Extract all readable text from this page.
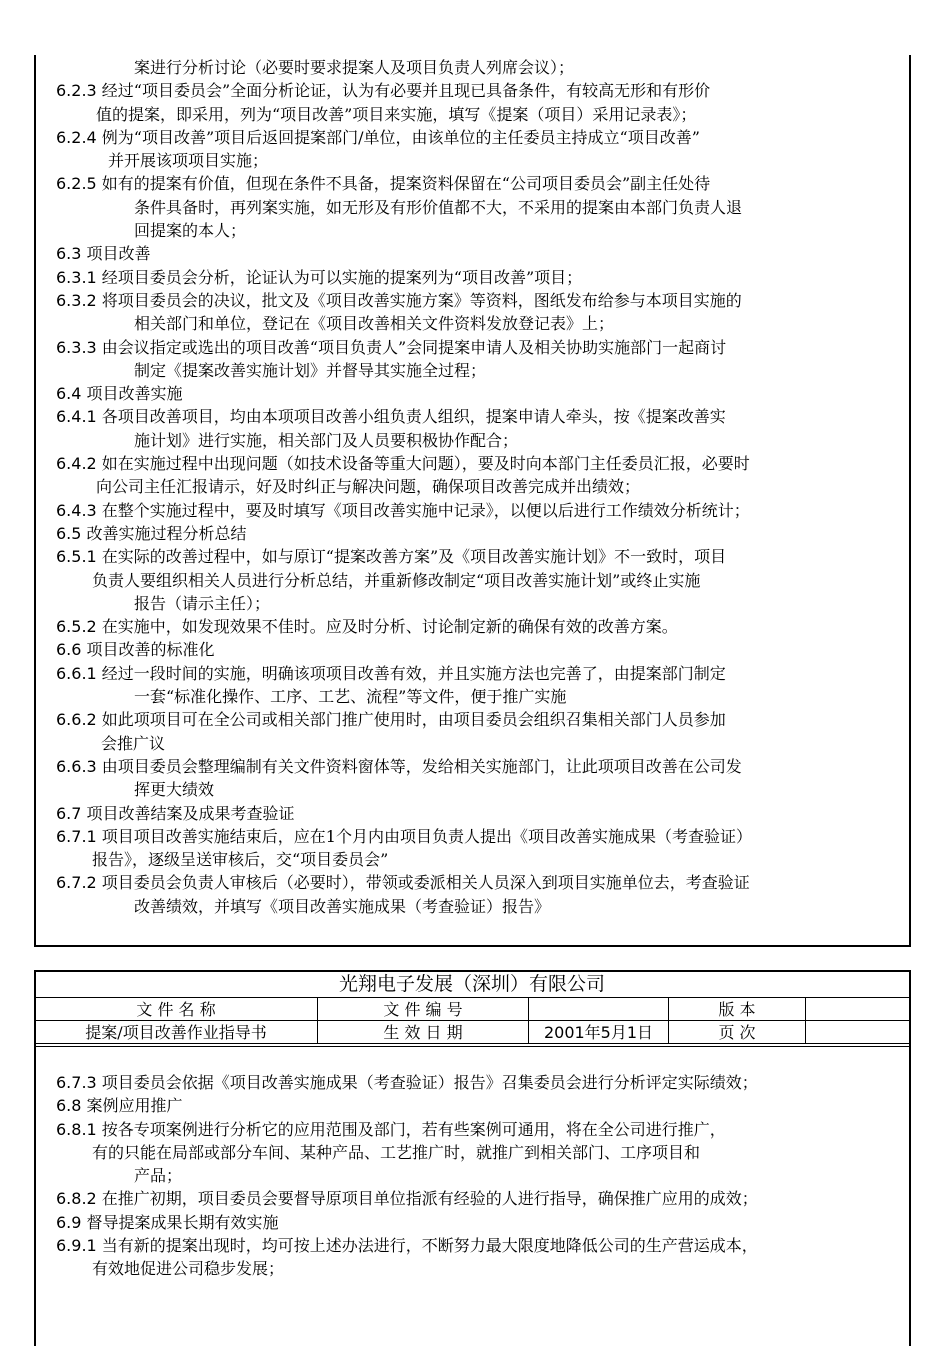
案进行分析讨论（必要时要求提案人及项目负责人列席会议）；
6.2.3 经过“项目委员会”全面分析论证，认为有必要并且现已具备条件，有较高无形和有形价
值的提案，即采用，列为“项目改善”项目来实施，填写《提案（项目）采用记录表》；
6.2.4 例为“项目改善”项目后返回提案部门/单位，由该单位的主任委员主持成立“项目改善”
并开展该项项目实施；
6.2.5 如有的提案有价值，但现在条件不具备，提案资料保留在“公司项目委员会”副主任处待
条件具备时，再列案实施，如无形及有形价值都不大，不采用的提案由本部门负责人退
回提案的本人；
6.3 项目改善
6.3.1 经项目委员会分析，论证认为可以实施的提案列为“项目改善”项目；
6.3.2 将项目委员会的决议，批文及《项目改善实施方案》等资料，图纸发布给参与本项目实施的
相关部门和单位，登记在《项目改善相关文件资料发放登记表》上；
6.3.3 由会议指定或选出的项目改善“项目负责人”会同提案申请人及相关协助实施部门一起商讨
制定《提案改善实施计划》并督导其实施全过程；
6.4 项目改善实施
6.4.1 各项目改善项目，均由本项项目改善小组负责人组织，提案申请人牵头，按《提案改善实
施计划》进行实施，相关部门及人员要积极协作配合；
6.4.2 如在实施过程中出现问题（如技术设备等重大问题），要及时向本部门主任委员汇报，必要时
向公司主任汇报请示，好及时纠正与解决问题，确保项目改善完成并出绩效；
6.4.3 在整个实施过程中，要及时填写《项目改善实施中记录》，以便以后进行工作绩效分析统计；
6.5 改善实施过程分析总结
6.5.1 在实际的改善过程中，如与原订“提案改善方案”及《项目改善实施计划》不一致时，项目
负责人要组织相关人员进行分析总结，并重新修改制定“项目改善实施计划”或终止实施
报告（请示主任）；
6.5.2 在实施中，如发现效果不佳时。应及时分析、讨论制定新的确保有效的改善方案。
6.6 项目改善的标准化
6.6.1 经过一段时间的实施，明确该项项目改善有效，并且实施方法也完善了，由提案部门制定
一套“标准化操作、工序、工艺、流程”等文件，便于推广实施
6.6.2 如此项项目可在全公司或相关部门推广使用时，由项目委员会组织召集相关部门人员参加
会推广议
6.6.3 由项目委员会整理编制有关文件资料窗体等，发给相关实施部门，让此项项目改善在公司发
挥更大绩效
6.7 项目改善结案及成果考查验证
6.7.1 项目项目改善实施结束后，应在1个月内由项目负责人提出《项目改善实施成果（考查验证）
报告》，逐级呈送审核后，交“项目委员会”
6.7.2 项目委员会负责人审核后（必要时），带领或委派相关人员深入到项目实施单位去，考查验证
改善绩效，并填写《项目改善实施成果（考查验证）报告》
光翔电子发展（深圳）有限公司				
文 件 名 称	文 件 编 号		版 本	
提案/项目改善作业指导书	生 效 日 期	2001年5月1日	页 次	
6.7.3 项目委员会依据《项目改善实施成果（考查验证）报告》召集委员会进行分析评定实际绩效；
6.8 案例应用推广
6.8.1 按各专项案例进行分析它的应用范围及部门，若有些案例可通用，将在全公司进行推广，
有的只能在局部或部分车间、某种产品、工艺推广时，就推广到相关部门、工序项目和
产品；
6.8.2 在推广初期，项目委员会要督导原项目单位指派有经验的人进行指导，确保推广应用的成效；
6.9 督导提案成果长期有效实施
6.9.1 当有新的提案出现时，均可按上述办法进行，不断努力最大限度地降低公司的生产营运成本，
有效地促进公司稳步发展；
